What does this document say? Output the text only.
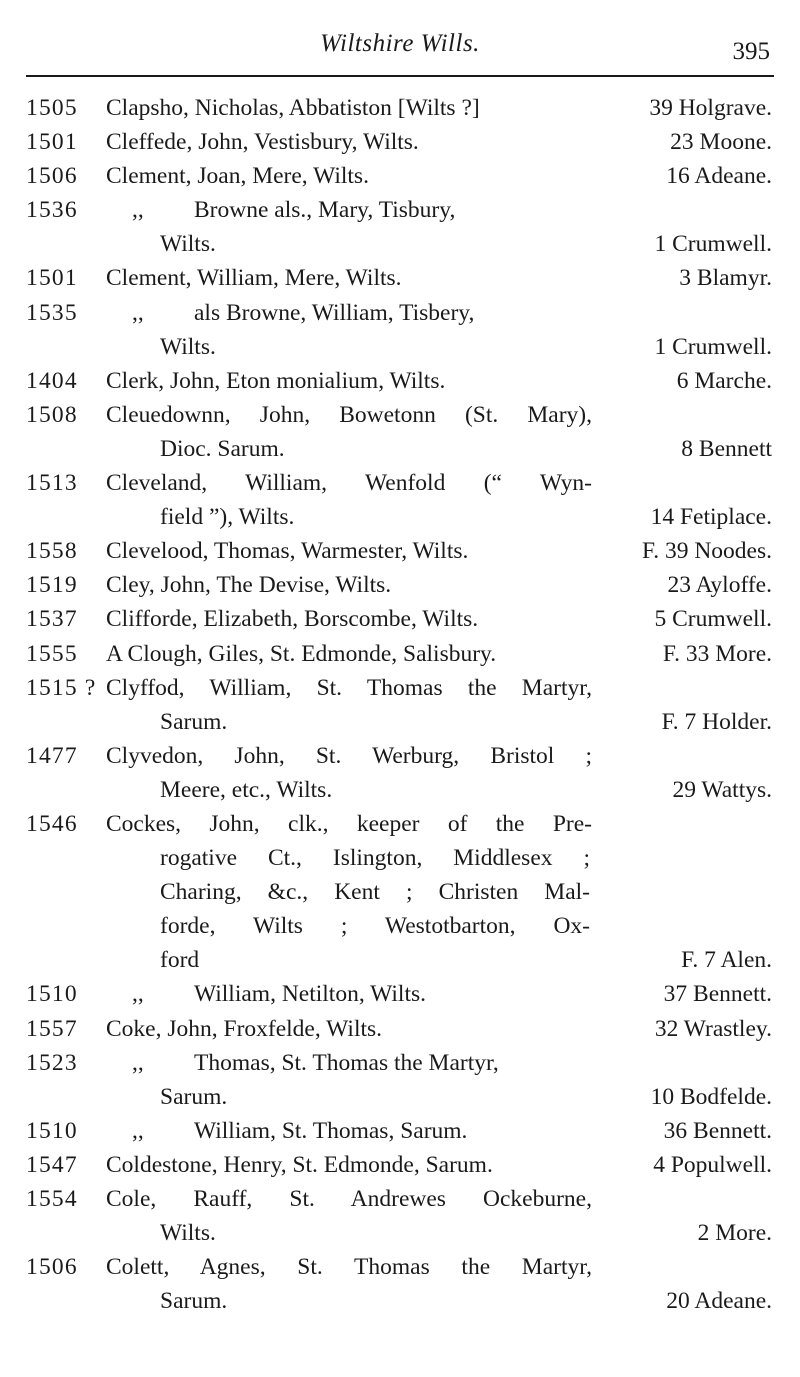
Wiltshire Wills.	395
1505 Clapsho, Nicholas, Abbatiston [Wilts ?]	39 Holgrave.
1501 Cleffede, John, Vestisbury, Wilts.	23 Moone.
1506 Clement, Joan, Mere, Wilts.	16 Adeane.
1536 ,, Browne als., Mary, Tisbury,
Wilts.	1 Crumwell.
1501 Clement, William, Mere, Wilts.	3 Blamyr.
1535 ,, als Browne, William, Tisbery,
Wilts.	1 Crumwell.
1404 Clerk, John, Eton monialium, Wilts.	6 Marche.
1508 Cleuedownn, John, Bowetonn (St. Mary),
Dioc. Sarum.	8 Bennett
1513 Cleveland, William, Wenfold (“ Wyn-
field ”), Wilts.	14 Fetiplace.
1558 Clevelood, Thomas, Warmester, Wilts.	F. 39 Noodes.
1519 Cley, John, The Devise, Wilts.	23 Ayloffe.
1537 Clifforde, Elizabeth, Borscombe, Wilts.	5 Crumwell.
1555 A Clough, Giles, St. Edmonde, Salisbury.	F. 33 More.
1515 ? Clyffod, William, St. Thomas the Martyr,
Sarum.	F. 7 Holder.
1477 Clyvedon, John, St. Werburg, Bristol ;
Meere, etc., Wilts.	29 Wattys.
1546 Cockes, John, clk., keeper of the Pre-
rogative Ct., Islington, Middlesex ;
Charing, &c., Kent ; Christen Mal-
forde, Wilts ; Westotbarton, Ox-
ford	F. 7 Alen.
1510 ,, William, Netilton, Wilts.	37 Bennett.
1557 Coke, John, Froxfelde, Wilts.	32 Wrastley.
1523 ,, Thomas, St. Thomas the Martyr,
Sarum.	10 Bodfelde.
1510 ,, William, St. Thomas, Sarum.	36 Bennett.
1547 Coldestone, Henry, St. Edmonde, Sarum.	4 Populwell.
1554 Cole, Rauff, St. Andrewes Ockeburne,
Wilts.	2 More.
1506 Colett, Agnes, St. Thomas the Martyr,
Sarum.	20 Adeane.
